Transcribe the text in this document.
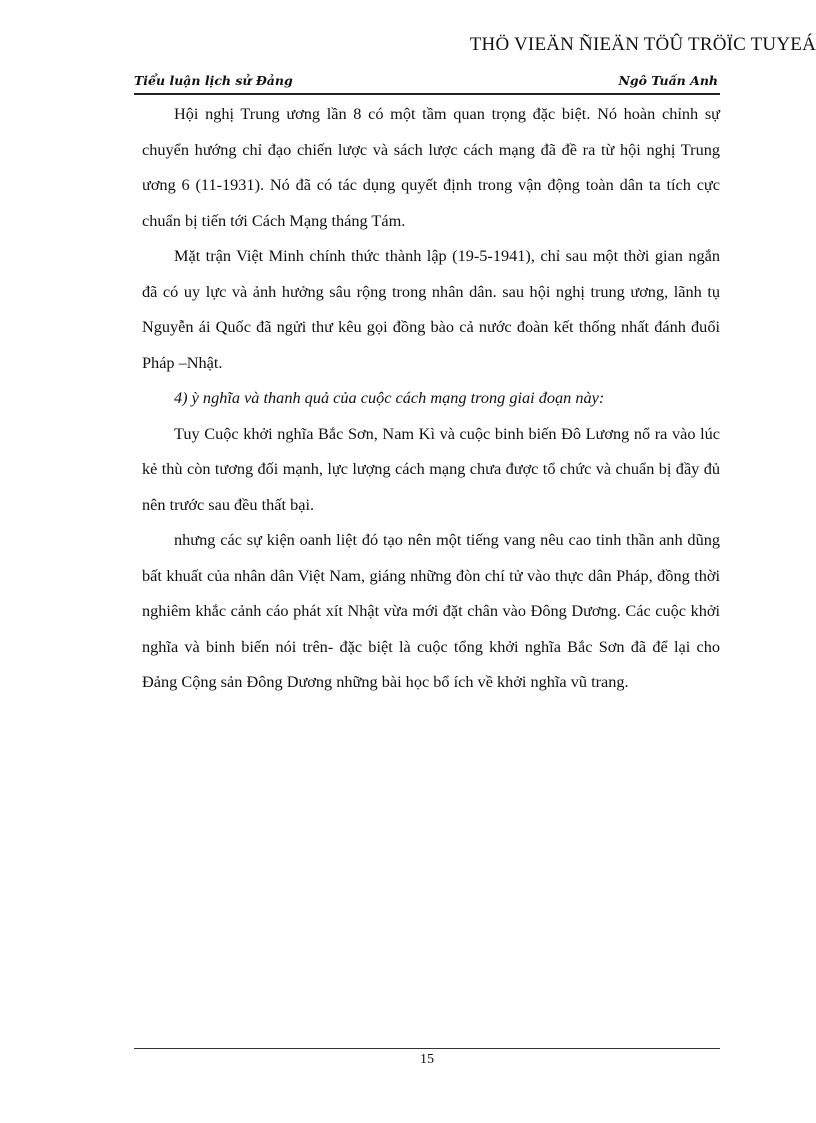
THÖ VIEÄN ÑIEÄN TÖÛ TRÖÏC TUYEÁ
Tiểu luận lịch sử Đảng	Ngô Tuấn Anh

Hội nghị Trung ương lần 8 có một tầm quan trọng đặc biệt. Nó hoàn chỉnh sự chuyển hướng chỉ đạo chiến lược và sách lược cách mạng đã đề ra từ hội nghị Trung ương 6 (11-1931). Nó đã có tác dụng quyết định trong vận động toàn dân ta tích cực chuẩn bị tiến tới Cách Mạng tháng Tám.

Mặt trận Việt Minh chính thức thành lập (19-5-1941), chỉ sau một thời gian ngắn đã có uy lực và ảnh hưởng sâu rộng trong nhân dân. sau hội nghị trung ương, lãnh tụ Nguyễn ái Quốc đã ngửi thư kêu gọi đồng bào cả nước đoàn kết thống nhất đánh đuổi Pháp –Nhật.

4) ỳ nghĩa và thanh quả của cuộc cách mạng trong giai đoạn này:

Tuy Cuộc khởi nghĩa Bắc Sơn, Nam Kì và cuộc binh biến Đô Lương nổ ra vào lúc kẻ thù còn tương đối mạnh, lực lượng cách mạng chưa được tổ chức và chuẩn bị đầy đủ nên trước sau đều thất bại.

nhưng các sự kiện oanh liệt đó tạo nên một tiếng vang nêu cao tinh thần anh dũng bất khuất của nhân dân Việt Nam, giáng những đòn chí tử vào thực dân Pháp, đồng thời nghiêm khắc cảnh cáo phát xít Nhật vừa mới đặt chân vào Đông Dương. Các cuộc khởi nghĩa và binh biến nói trên- đặc biệt là cuộc tổng khởi nghĩa Bắc Sơn đã để lại cho Đảng Cộng sản Đông Dương những bài học bổ ích về khởi nghĩa vũ trang.

15
